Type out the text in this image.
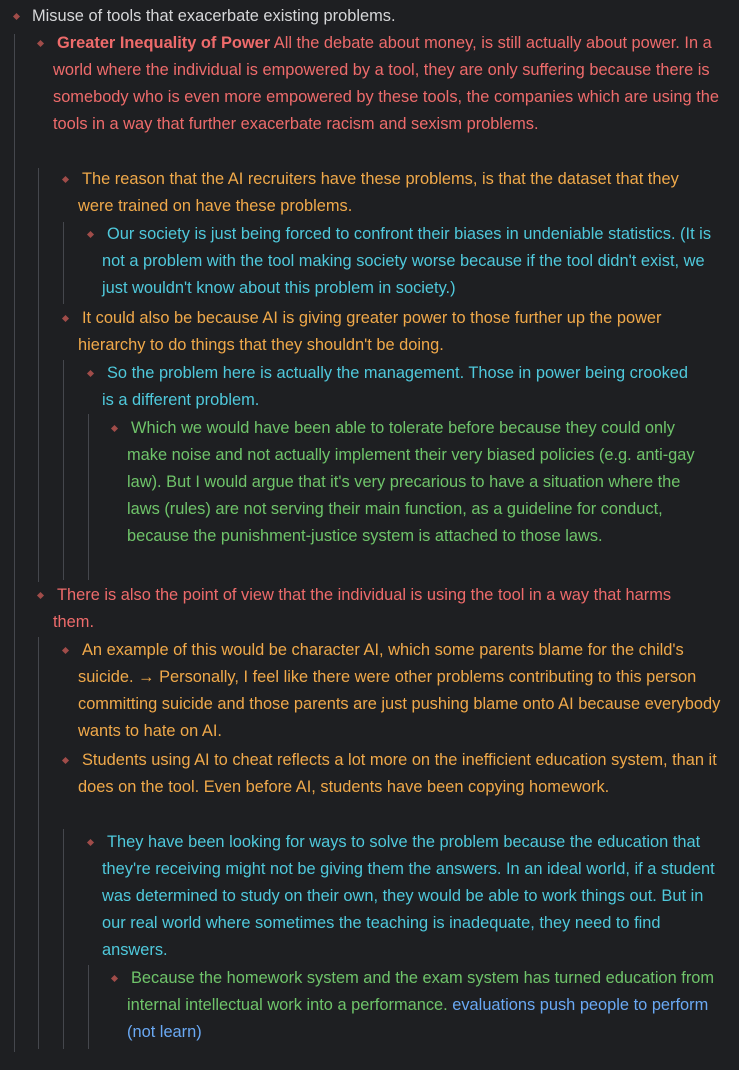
Misuse of tools that exacerbate existing problems.

Greater Inequality of Power All the debate about money, is still actually about power. In a world where the individual is empowered by a tool, they are only suffering because there is somebody who is even more empowered by these tools, the companies which are using the tools in a way that further exacerbate racism and sexism problems.

The reason that the AI recruiters have these problems, is that the dataset that they were trained on have these problems.

Our society is just being forced to confront their biases in undeniable statistics. (It is not a problem with the tool making society worse because if the tool didn't exist, we just wouldn't know about this problem in society.)

It could also be because AI is giving greater power to those further up the power hierarchy to do things that they shouldn't be doing.

So the problem here is actually the management. Those in power being crooked is a different problem.

Which we would have been able to tolerate before because they could only make noise and not actually implement their very biased policies (e.g. anti-gay law). But I would argue that it's very precarious to have a situation where the laws (rules) are not serving their main function, as a guideline for conduct, because the punishment-justice system is attached to those laws.

There is also the point of view that the individual is using the tool in a way that harms them.

An example of this would be character AI, which some parents blame for the child's suicide. → Personally, I feel like there were other problems contributing to this person committing suicide and those parents are just pushing blame onto AI because everybody wants to hate on AI.

Students using AI to cheat reflects a lot more on the inefficient education system, than it does on the tool. Even before AI, students have been copying homework.

They have been looking for ways to solve the problem because the education that they're receiving might not be giving them the answers. In an ideal world, if a student was determined to study on their own, they would be able to work things out. But in our real world where sometimes the teaching is inadequate, they need to find answers.

Because the homework system and the exam system has turned education from internal intellectual work into a performance. evaluations push people to perform (not learn)
